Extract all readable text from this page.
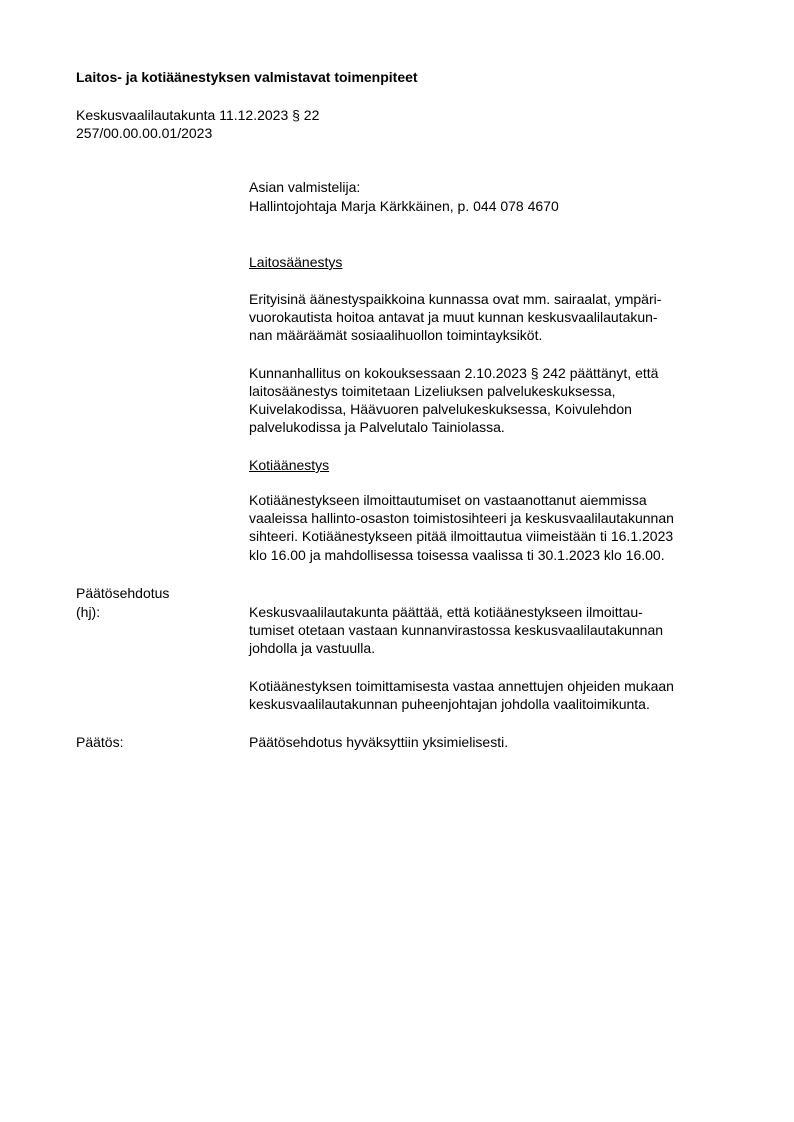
Laitos- ja kotiäänestyksen valmistavat toimenpiteet
Keskusvaalilautakunta 11.12.2023 § 22
257/00.00.00.01/2023
Asian valmistelija:
Hallintojohtaja Marja Kärkkäinen, p. 044 078 4670
Laitosäänestys
Erityisinä äänestyspaikkoina kunnassa ovat mm. sairaalat, ympäri-
vuorokautista hoitoa antavat ja muut kunnan keskusvaalilautakun-
nan määräämät sosiaalihuollon toimintayksiköt.
Kunnanhallitus on kokouksessaan 2.10.2023 § 242 päättänyt, että
laitosäänestys toimitetaan Lizeliuksen palvelukeskuksessa,
Kuivelakodissa, Häävuoren palvelukeskuksessa, Koivulehdon
palvelukodissa ja Palvelutalo Tainiolassa.
Kotiäänestys
Kotiäänestykseen ilmoittautumiset on vastaanottanut aiemmissa
vaaleissa hallinto-osaston toimistosihteeri ja keskusvaalilautakunnan
sihteeri. Kotiäänestykseen pitää ilmoittautua viimeistään ti 16.1.2023
klo 16.00 ja mahdollisessa toisessa vaalissa ti 30.1.2023 klo 16.00.
Päätösehdotus
(hj):	Keskusvaalilautakunta päättää, että kotiäänestykseen ilmoittau-
tumiset otetaan vastaan kunnanvirastossa keskusvaalilautakunnan
johdolla ja vastuulla.
Kotiäänestyksen toimittamisesta vastaa annettujen ohjeiden mukaan
keskusvaalilautakunnan puheenjohtajan johdolla vaalitoimikunta.
Päätös:	Päätösehdotus hyväksyttiin yksimielisesti.
